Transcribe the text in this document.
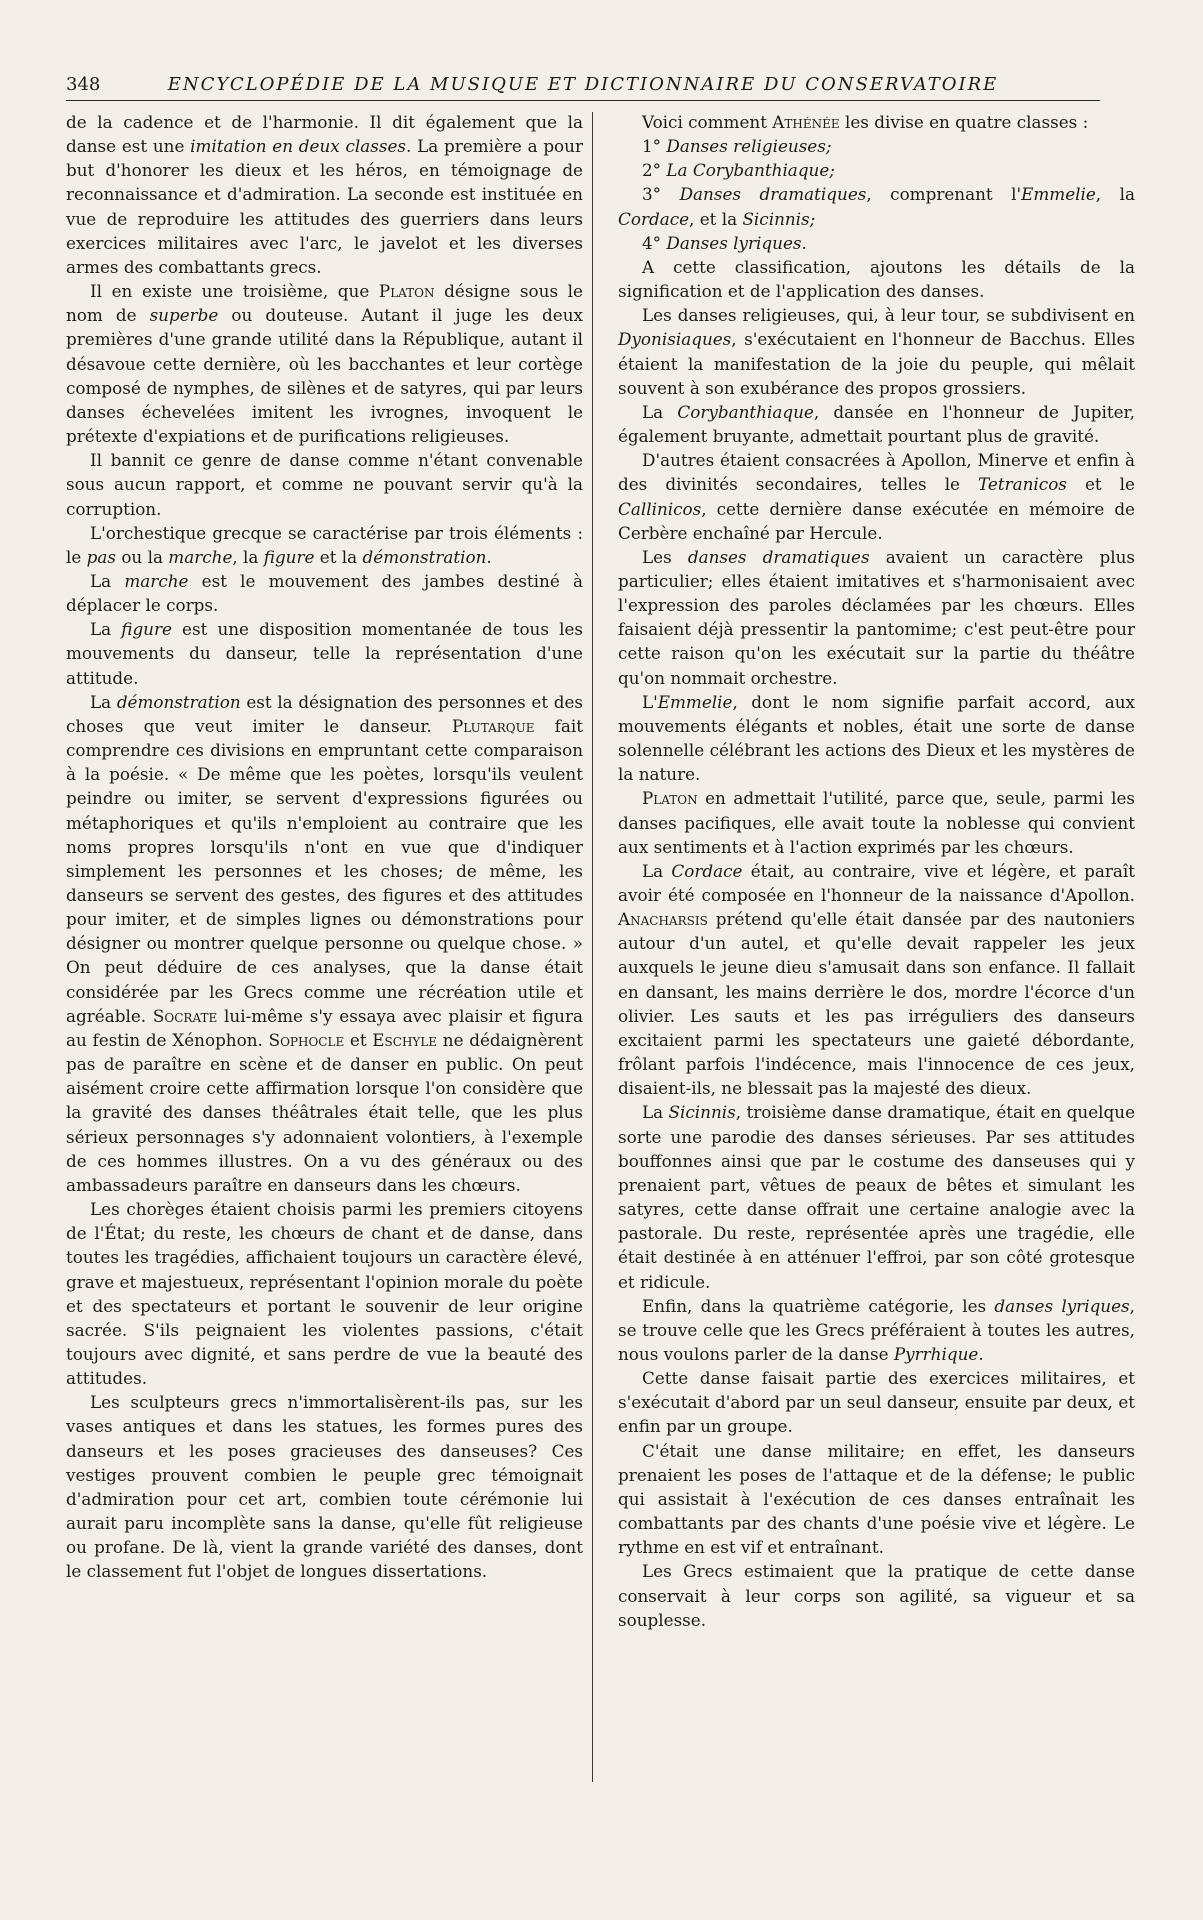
348	ENCYCLOPÉDIE DE LA MUSIQUE ET DICTIONNAIRE DU CONSERVATOIRE

de la cadence et de l'harmonie. Il dit également que la danse est une imitation en deux classes. La première a pour but d'honorer les dieux et les héros, en témoignage de reconnaissance et d'admiration. La seconde est instituée en vue de reproduire les attitudes des guerriers dans leurs exercices militaires avec l'arc, le javelot et les diverses armes des combattants grecs.

Il en existe une troisième, que Platon désigne sous le nom de superbe ou douteuse. Autant il juge les deux premières d'une grande utilité dans la République, autant il désavoue cette dernière, où les bacchantes et leur cortège composé de nymphes, de silènes et de satyres, qui par leurs danses échevelées imitent les ivrognes, invoquent le prétexte d'expiations et de purifications religieuses.

Il bannit ce genre de danse comme n'étant convenable sous aucun rapport, et comme ne pouvant servir qu'à la corruption.

L'orchestique grecque se caractérise par trois éléments : le pas ou la marche, la figure et la démonstration.

La marche est le mouvement des jambes destiné à déplacer le corps.

La figure est une disposition momentanée de tous les mouvements du danseur, telle la représentation d'une attitude.

La démonstration est la désignation des personnes et des choses que veut imiter le danseur. Plutarque fait comprendre ces divisions en empruntant cette comparaison à la poésie. « De même que les poètes, lorsqu'ils veulent peindre ou imiter, se servent d'expressions figurées ou métaphoriques et qu'ils n'emploient au contraire que les noms propres lorsqu'ils n'ont en vue que d'indiquer simplement les personnes et les choses; de même, les danseurs se servent des gestes, des figures et des attitudes pour imiter, et de simples lignes ou démonstrations pour désigner ou montrer quelque personne ou quelque chose. » On peut déduire de ces analyses, que la danse était considérée par les Grecs comme une récréation utile et agréable. Socrate lui-même s'y essaya avec plaisir et figura au festin de Xénophon. Sophocle et Eschyle ne dédaignèrent pas de paraître en scène et de danser en public. On peut aisément croire cette affirmation lorsque l'on considère que la gravité des danses théâtrales était telle, que les plus sérieux personnages s'y adonnaient volontiers, à l'exemple de ces hommes illustres. On a vu des généraux ou des ambassadeurs paraître en danseurs dans les chœurs.

Les chorèges étaient choisis parmi les premiers citoyens de l'État; du reste, les chœurs de chant et de danse, dans toutes les tragédies, affichaient toujours un caractère élevé, grave et majestueux, représentant l'opinion morale du poète et des spectateurs et portant le souvenir de leur origine sacrée. S'ils peignaient les violentes passions, c'était toujours avec dignité, et sans perdre de vue la beauté des attitudes.

Les sculpteurs grecs n'immortalisèrent-ils pas, sur les vases antiques et dans les statues, les formes pures des danseurs et les poses gracieuses des danseuses? Ces vestiges prouvent combien le peuple grec témoignait d'admiration pour cet art, combien toute cérémonie lui aurait paru incomplète sans la danse, qu'elle fût religieuse ou profane. De là, vient la grande variété des danses, dont le classement fut l'objet de longues dissertations.

Voici comment Athénée les divise en quatre classes :

1° Danses religieuses;

2° La Corybanthiaque;

3° Danses dramatiques, comprenant l'Emmelie, la Cordace, et la Sicinnis;

4° Danses lyriques.

A cette classification, ajoutons les détails de la signification et de l'application des danses.

Les danses religieuses, qui, à leur tour, se subdivisent en Dyonisiaques, s'exécutaient en l'honneur de Bacchus. Elles étaient la manifestation de la joie du peuple, qui mêlait souvent à son exubérance des propos grossiers.

La Corybanthiaque, dansée en l'honneur de Jupiter, également bruyante, admettait pourtant plus de gravité.

D'autres étaient consacrées à Apollon, Minerve et enfin à des divinités secondaires, telles le Tetranicos et le Callinicos, cette dernière danse exécutée en mémoire de Cerbère enchaîné par Hercule.

Les danses dramatiques avaient un caractère plus particulier; elles étaient imitatives et s'harmonisaient avec l'expression des paroles déclamées par les chœurs. Elles faisaient déjà pressentir la pantomime; c'est peut-être pour cette raison qu'on les exécutait sur la partie du théâtre qu'on nommait orchestre.

L'Emmelie, dont le nom signifie parfait accord, aux mouvements élégants et nobles, était une sorte de danse solennelle célébrant les actions des Dieux et les mystères de la nature.

Platon en admettait l'utilité, parce que, seule, parmi les danses pacifiques, elle avait toute la noblesse qui convient aux sentiments et à l'action exprimés par les chœurs.

La Cordace était, au contraire, vive et légère, et paraît avoir été composée en l'honneur de la naissance d'Apollon. Anacharsis prétend qu'elle était dansée par des nautoniers autour d'un autel, et qu'elle devait rappeler les jeux auxquels le jeune dieu s'amusait dans son enfance. Il fallait en dansant, les mains derrière le dos, mordre l'écorce d'un olivier. Les sauts et les pas irréguliers des danseurs excitaient parmi les spectateurs une gaieté débordante, frôlant parfois l'indécence, mais l'innocence de ces jeux, disaient-ils, ne blessait pas la majesté des dieux.

La Sicinnis, troisième danse dramatique, était en quelque sorte une parodie des danses sérieuses. Par ses attitudes bouffonnes ainsi que par le costume des danseuses qui y prenaient part, vêtues de peaux de bêtes et simulant les satyres, cette danse offrait une certaine analogie avec la pastorale. Du reste, représentée après une tragédie, elle était destinée à en atténuer l'effroi, par son côté grotesque et ridicule.

Enfin, dans la quatrième catégorie, les danses lyriques, se trouve celle que les Grecs préféraient à toutes les autres, nous voulons parler de la danse Pyrrhique.

Cette danse faisait partie des exercices militaires, et s'exécutait d'abord par un seul danseur, ensuite par deux, et enfin par un groupe.

C'était une danse militaire; en effet, les danseurs prenaient les poses de l'attaque et de la défense; le public qui assistait à l'exécution de ces danses entraînait les combattants par des chants d'une poésie vive et légère. Le rythme en est vif et entraînant.

Les Grecs estimaient que la pratique de cette danse conservait à leur corps son agilité, sa vigueur et sa souplesse.
